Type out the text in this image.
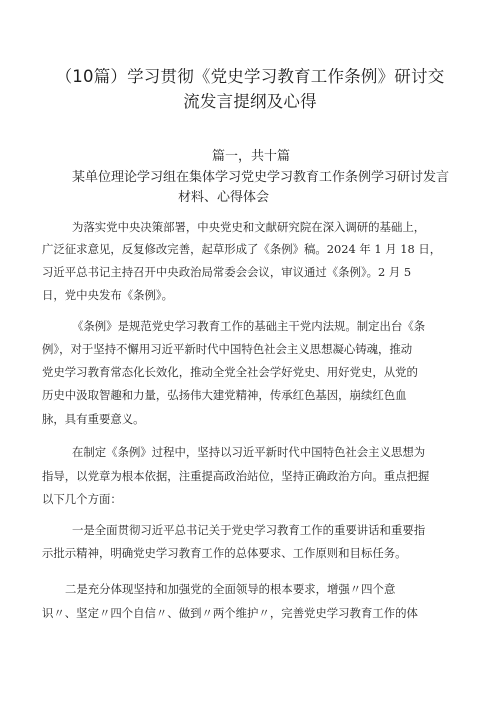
（10篇）学习贯彻《党史学习教育工作条例》研讨交
流发言提纲及心得
篇一，共十篇
某单位理论学习组在集体学习党史学习教育工作条例学习研讨发言
材料、心得体会
为落实党中央决策部署，中央党史和文献研究院在深入调研的基础上，
广泛征求意见，反复修改完善，起草形成了《条例》稿。2024 年 1 月 18 日，
习近平总书记主持召开中央政治局常委会会议，审议通过《条例》。2 月 5
日，党中央发布《条例》。
《条例》是规范党史学习教育工作的基础主干党内法规。制定出台《条
例》，对于坚持不懈用习近平新时代中国特色社会主义思想凝心铸魂，推动
党史学习教育常态化长效化，推动全党全社会学好党史、用好党史，从党的
历史中汲取智趣和力量，弘扬伟大建党精神，传承红色基因，崩续红色血
脉，具有重要意义。
在制定《条例》过程中，坚持以习近平新时代中国特色社会主义思想为
指导，以党章为根本依据，注重提高政治站位，坚持正确政治方向。重点把握
以下几个方面：
一是全面贯彻习近平总书记关于党史学习教育工作的重要讲话和重要指
示批示精神，明确党史学习教育工作的总体要求、工作原则和目标任务。
二是充分体现坚持和加强党的全面领导的根本要求，增强〃四个意
识〃、坚定〃四个自信〃、做到〃两个维护〃，完善党史学习教育工作的体
